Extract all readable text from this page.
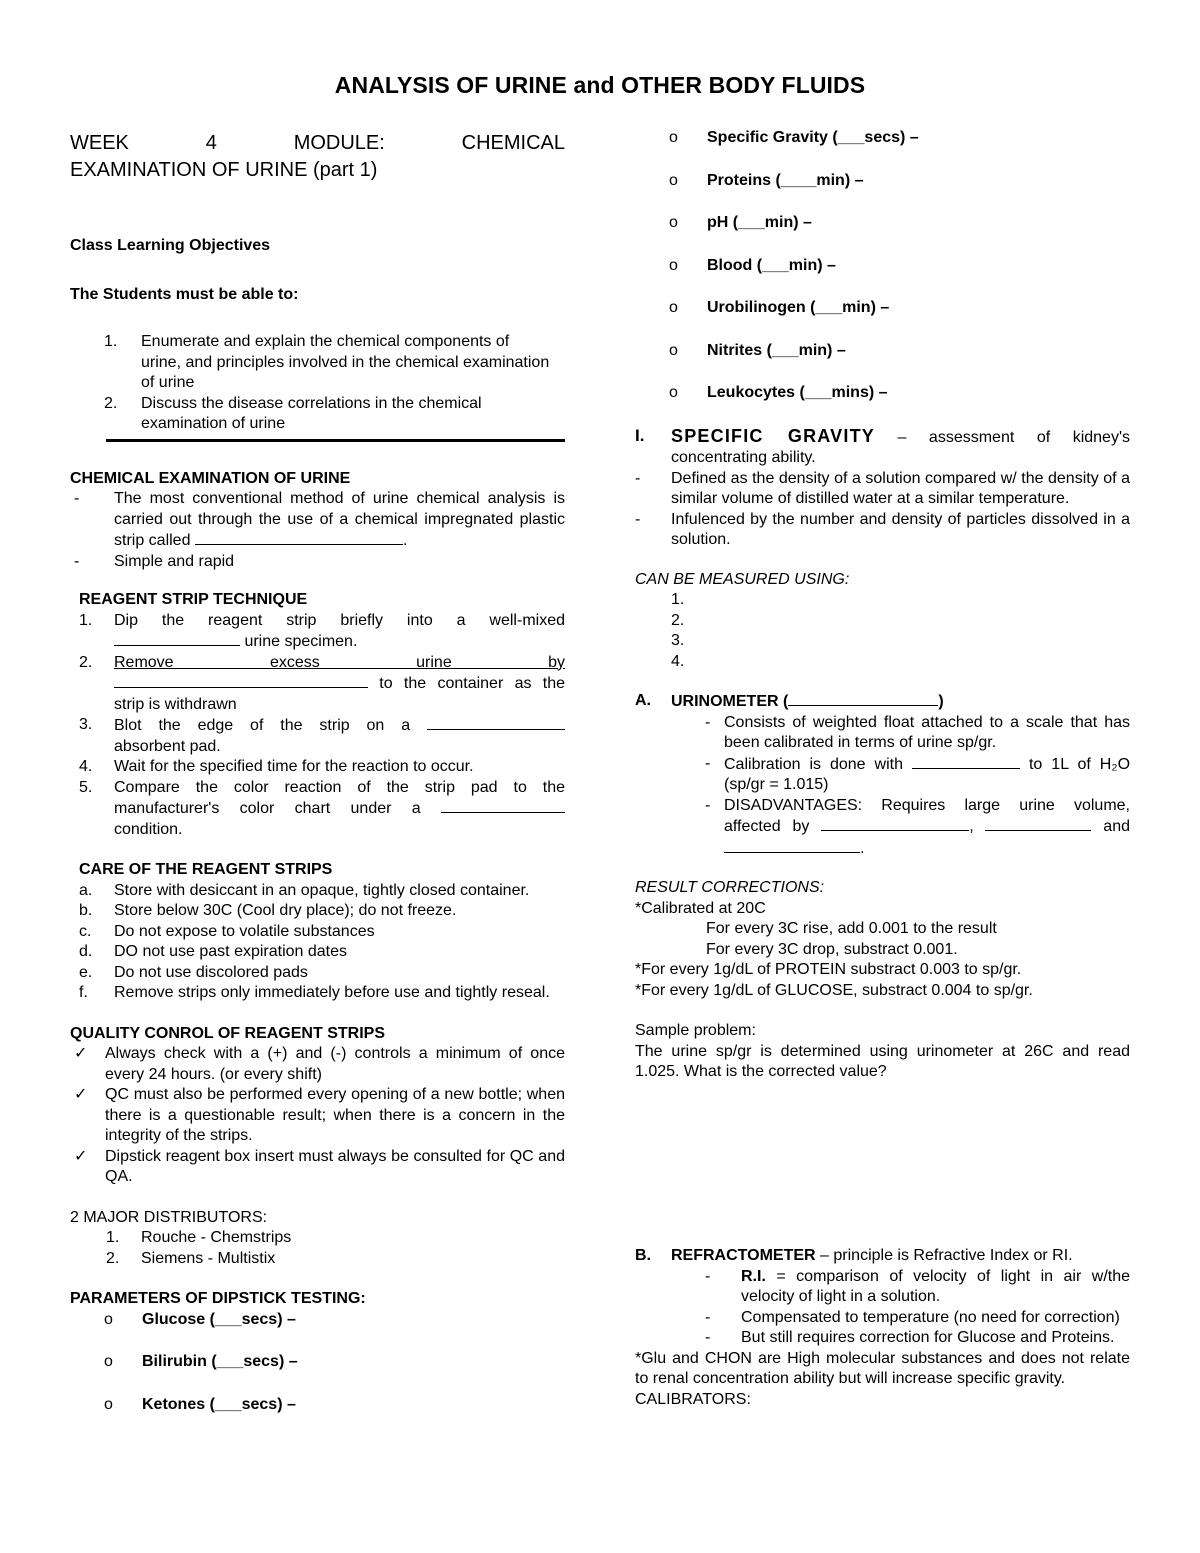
ANALYSIS OF URINE and OTHER BODY FLUIDS
WEEK	4	MODULE:	CHEMICAL
EXAMINATION OF URINE (part 1)
Class Learning Objectives
The Students must be able to:
1.	Enumerate and explain the chemical components of urine, and principles involved in the chemical examination of urine
2.	Discuss the disease correlations in the chemical examination of urine
CHEMICAL EXAMINATION OF URINE
-	The most conventional method of urine chemical analysis is carried out through the use of a chemical impregnated plastic strip called	.
-	Simple and rapid
REAGENT STRIP TECHNIQUE
1.	Dip the reagent strip briefly into a well-mixed
urine specimen.
2.	Remove excess urine by
to the container as the
strip is withdrawn
3.	Blot the edge of the strip on a
absorbent pad.
4.	Wait for the specified time for the reaction to occur.
5.	Compare the color reaction of the strip pad to the
manufacturer's color chart under a
condition.
CARE OF THE REAGENT STRIPS
a.	Store with desiccant in an opaque, tightly closed container.
b.	Store below 30C (Cool dry place); do not freeze.
c.	Do not expose to volatile substances
d.	DO not use past expiration dates
e.	Do not use discolored pads
f.	Remove strips only immediately before use and tightly reseal.
QUALITY CONROL OF REAGENT STRIPS
✓	Always check with a (+) and (-) controls a minimum of once every 24 hours. (or every shift)
✓	QC must also be performed every opening of a new bottle; when there is a questionable result; when there is a concern in the integrity of the strips.
✓	Dipstick reagent box insert must always be consulted for QC and QA.
2 MAJOR DISTRIBUTORS:
1.	Rouche - Chemstrips
2.	Siemens - Multistix
PARAMETERS OF DIPSTICK TESTING:
o	Glucose (___secs) –
o	Bilirubin (___secs) –
o	Ketones (___secs) –
o	Specific Gravity (___secs) –
o	Proteins (____min) –
o	pH (___min) –
o	Blood (___min) –
o	Urobilinogen (___min) –
o	Nitrites (___min) –
o	Leukocytes (___mins) –
I.	SPECIFIC GRAVITY – assessment of kidney's concentrating ability.
-	Defined as the density of a solution compared w/ the density of a similar volume of distilled water at a similar temperature.
-	Infulenced by the number and density of particles dissolved in a solution.
CAN BE MEASURED USING:
1.
2.
3.
4.
A.	URINOMETER (	)
- Consists of weighted float attached to a scale that has been calibrated in terms of urine sp/gr.
- Calibration is done with	to 1L of H₂O
(sp/gr = 1.015)
- DISADVANTAGES: Requires large urine volume,
affected by	,	and
.
RESULT CORRECTIONS:
*Calibrated at 20C
For every 3C rise, add 0.001 to the result
For every 3C drop, substract 0.001.
*For every 1g/dL of PROTEIN substract 0.003 to sp/gr.
*For every 1g/dL of GLUCOSE, substract 0.004 to sp/gr.
Sample problem:
The urine sp/gr is determined using urinometer at 26C and read 1.025. What is the corrected value?
B.	REFRACTOMETER – principle is Refractive Index or RI.
-	R.I. = comparison of velocity of light in air w/the velocity of light in a solution.
-	Compensated to temperature (no need for correction)
-	But still requires correction for Glucose and Proteins.
*Glu and CHON are High molecular substances and does not relate to renal concentration ability but will increase specific gravity.
CALIBRATORS:
